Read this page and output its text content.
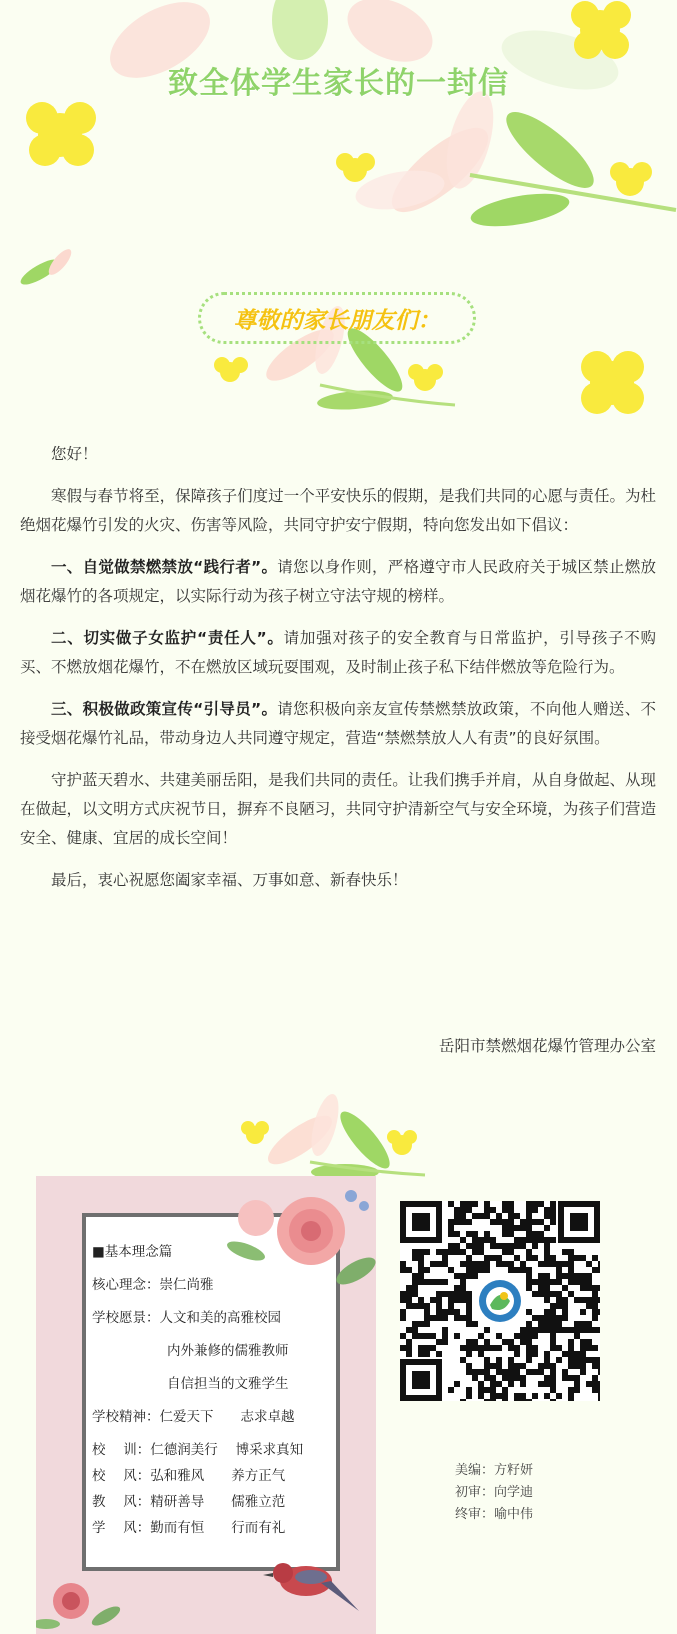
致全体学生家长的一封信
尊敬的家长朋友们：

您好！

寒假与春节将至，保障孩子们度过一个平安快乐的假期，是我们共同的心愿与责任。为杜绝烟花爆竹引发的火灾、伤害等风险，共同守护安宁假期，特向您发出如下倡议：

一、自觉做禁燃禁放“践行者”。请您以身作则，严格遵守市人民政府关于城区禁止燃放烟花爆竹的各项规定，以实际行动为孩子树立守法守规的榜样。

二、切实做子女监护“责任人”。请加强对孩子的安全教育与日常监护，引导孩子不购买、不燃放烟花爆竹，不在燃放区域玩耍围观，及时制止孩子私下结伴燃放等危险行为。

三、积极做政策宣传“引导员”。请您积极向亲友宣传禁燃禁放政策，不向他人赠送、不接受烟花爆竹礼品，带动身边人共同遵守规定，营造“禁燃禁放人人有责”的良好氛围。

守护蓝天碧水、共建美丽岳阳，是我们共同的责任。让我们携手并肩，从自身做起、从现在做起，以文明方式庆祝节日，摒弃不良陋习，共同守护清新空气与安全环境，为孩子们营造安全、健康、宜居的成长空间！

最后，衷心祝愿您阖家幸福、万事如意、新春快乐！

岳阳市禁燃烟花爆竹管理办公室
■基本理念篇
核心理念：崇仁尚雅
学校愿景：人文和美的高雅校园
内外兼修的儒雅教师
自信担当的文雅学生
学校精神：仁爱天下　　志求卓越
校　 训：仁德润美行　 博采求真知
校　 风：弘和雅风　　养方正气
教　 风：精研善导　　儒雅立范
学　 风：勤而有恒　　行而有礼
美编：方籽妍
初审：向学迪
终审：喻中伟
